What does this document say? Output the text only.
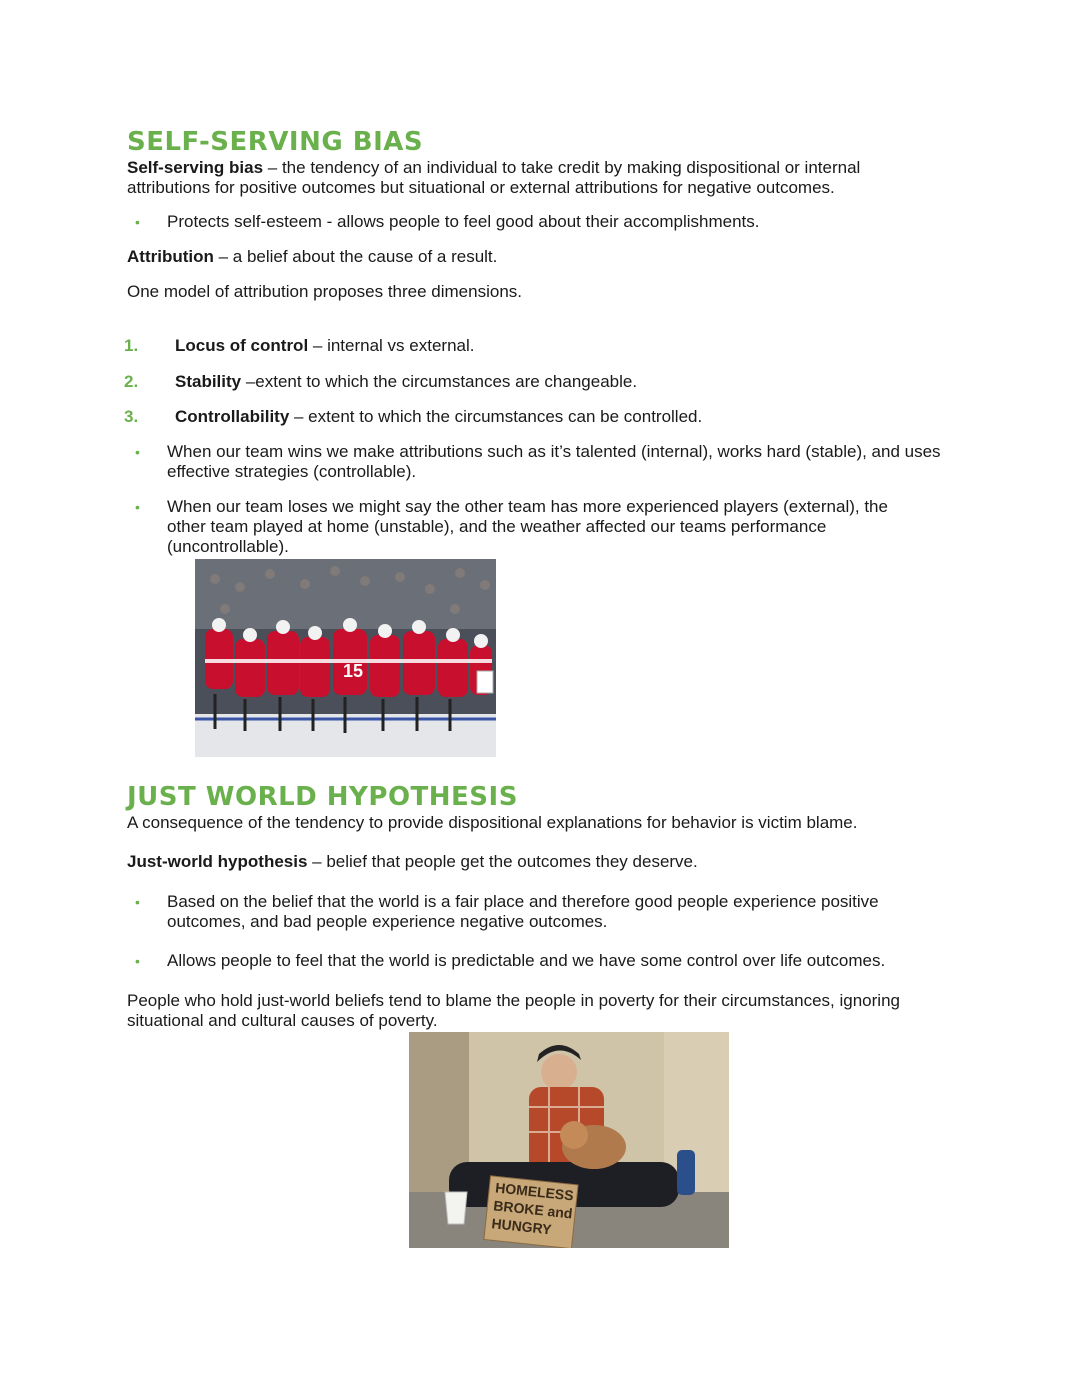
SELF-SERVING BIAS

Self-serving bias – the tendency of an individual to take credit by making dispositional or internal attributions for positive outcomes but situational or external attributions for negative outcomes.

• Protects self-esteem - allows people to feel good about their accomplishments.

Attribution – a belief about the cause of a result.

One model of attribution proposes three dimensions.

1. Locus of control – internal vs external.

2. Stability –extent to which the circumstances are changeable.

3. Controllability – extent to which the circumstances can be controlled.

• When our team wins we make attributions such as it’s talented (internal), works hard (stable), and uses effective strategies (controllable).

• When our team loses we might say the other team has more experienced players (external), the other team played at home (unstable), and the weather affected our teams performance (uncontrollable).

15
JUST WORLD HYPOTHESIS

A consequence of the tendency to provide dispositional explanations for behavior is victim blame.

Just-world hypothesis – belief that people get the outcomes they deserve.

• Based on the belief that the world is a fair place and therefore good people experience positive outcomes, and bad people experience negative outcomes.

• Allows people to feel that the world is predictable and we have some control over life outcomes.

People who hold just-world beliefs tend to blame the people in poverty for their circumstances, ignoring situational and cultural causes of poverty.

HOMELESS
BROKE and
HUNGRY
